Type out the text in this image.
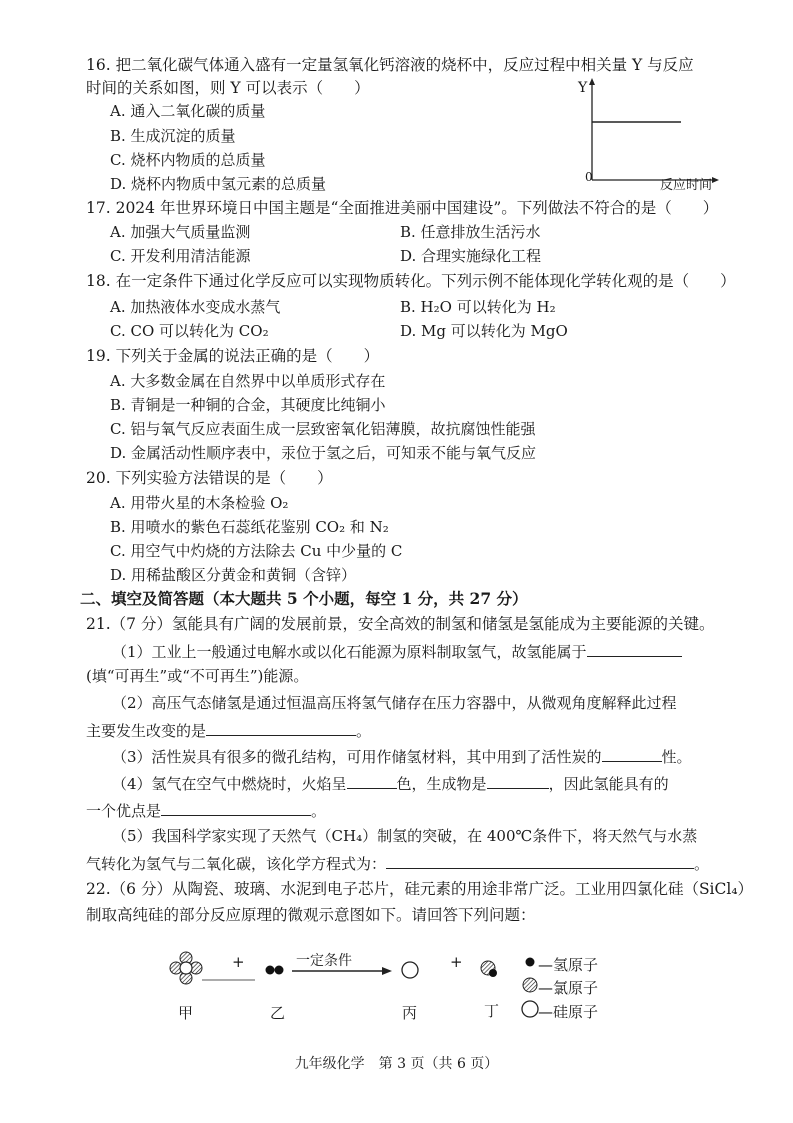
16. 把二氧化碳气体通入盛有一定量氢氧化钙溶液的烧杯中，反应过程中相关量 Y 与反应
时间的关系如图，则 Y 可以表示（　　）
A. 通入二氧化碳的质量
B. 生成沉淀的质量
C. 烧杯内物质的总质量
D. 烧杯内物质中氢元素的总质量
Y
0
反应时间
17. 2024 年世界环境日中国主题是“全面推进美丽中国建设”。下列做法不符合的是（　　）
A. 加强大气质量监测	B. 任意排放生活污水
C. 开发利用清洁能源	D. 合理实施绿化工程
18. 在一定条件下通过化学反应可以实现物质转化。下列示例不能体现化学转化观的是（　　）
A. 加热液体水变成水蒸气	B. H₂O 可以转化为 H₂
C. CO 可以转化为 CO₂	D. Mg 可以转化为 MgO
19. 下列关于金属的说法正确的是（　　）
A. 大多数金属在自然界中以单质形式存在
B. 青铜是一种铜的合金，其硬度比纯铜小
C. 铝与氧气反应表面生成一层致密氧化铝薄膜，故抗腐蚀性能强
D. 金属活动性顺序表中，汞位于氢之后，可知汞不能与氧气反应
20. 下列实验方法错误的是（　　）
A. 用带火星的木条检验 O₂
B. 用喷水的紫色石蕊纸花鉴别 CO₂ 和 N₂
C. 用空气中灼烧的方法除去 Cu 中少量的 C
D. 用稀盐酸区分黄金和黄铜（含锌）
二、填空及简答题（本大题共 5 个小题，每空 1 分，共 27 分）
21.（7 分）氢能具有广阔的发展前景，安全高效的制氢和储氢是氢能成为主要能源的关键。
（1）工业上一般通过电解水或以化石能源为原料制取氢气，故氢能属于
(填“可再生”或“不可再生”)能源。
（2）高压气态储氢是通过恒温高压将氢气储存在压力容器中，从微观角度解释此过程
主要发生改变的是	。
（3）活性炭具有很多的微孔结构，可用作储氢材料，其中用到了活性炭的	性。
（4）氢气在空气中燃烧时，火焰呈	色，生成物是	，因此氢能具有的
一个优点是	。
（5）我国科学家实现了天然气（CH₄）制氢的突破，在 400℃条件下，将天然气与水蒸
气转化为氢气与二氧化碳，该化学方程式为：	。
22.（6 分）从陶瓷、玻璃、水泥到电子芯片，硅元素的用途非常广泛。工业用四氯化硅（SiCl₄）
制取高纯硅的部分反应原理的微观示意图如下。请回答下列问题：
+	+
一定条件
甲	乙	丙	丁
—氢原子
—氯原子
—硅原子
九年级化学　第 3 页（共 6 页）
